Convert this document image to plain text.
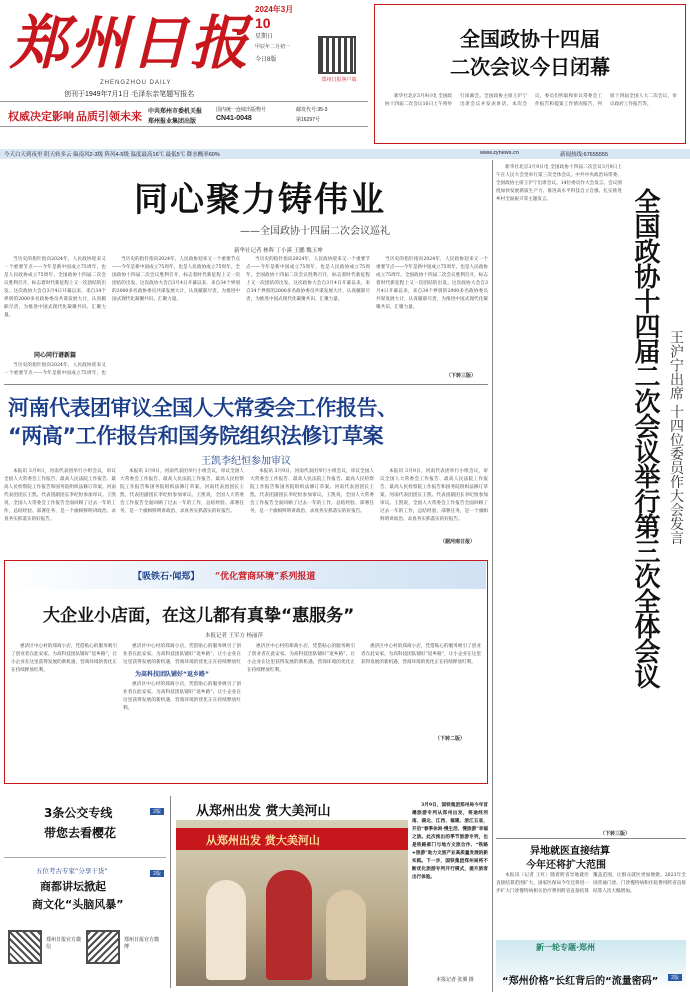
郑州日报
ZHENGZHOU DAILY
创刊于1949年7月1日 毛泽东亲笔题写报名
2024年3月
10
星期日
甲辰年二月初一
今日8版
郑州日报客户端
权威决定影响 品质引领未来 中共郑州市委机关报
郑州报业集团出版
国内统一连续出版物号
CN41-0048
邮发代号:35-3
第16297号
全国政协十四届
二次会议今日闭幕
新华社北京3月9日电 全国政协十四届二次会议10日上午将举行闭幕会。全国政协主席王沪宁出席会议并发表讲话。本次会议，委员们听取和审议常委会工作报告和提案工作情况报告，列席十四届全国人大二次会议，审议政府工作报告等。
今天白天到夜里 阴天转多云 偏南风2-3级 阵风4-5级 温度最高16℃ 最低5℃ 降水概率60%	www.zynews.cn	新闻热线:67655555
同心聚力铸伟业
——全国政协十四届二次会议巡礼
新华社记者 林晖 丁小溪 王鹏 魏玉坤
当历史的指针指向2024年，人民政协迎来又一个重要节点——今年是新中国成立75周年，也是人民政协成立75周年。全国政协十四届二次会议胜利召开，标志着时代新征程上又一次团结的出发。这次政协大会自3月4日开幕以来，来自34个界别的2000多名政协委员共谋发展大计，认真履职尽责，为推进中国式现代化凝聚共识、汇聚力量。
同心同行谱新篇
当历史的指针指向2024年，人民政协迎来又一个重要节点——今年是新中国成立75周年，也
当历史的指针指向2024年，人民政协迎来又一个重要节点——今年是新中国成立75周年，也是人民政协成立75周年。全国政协十四届二次会议胜利召开，标志着时代新征程上又一次团结的出发。这次政协大会自3月4日开幕以来，来自34个界别的2000多名政协委员共谋发展大计，认真履职尽责，为推进中国式现代化凝聚共识、汇聚力量。
当历史的指针指向2024年，人民政协迎来又一个重要节点——今年是新中国成立75周年，也是人民政协成立75周年。全国政协十四届二次会议胜利召开，标志着时代新征程上又一次团结的出发。这次政协大会自3月4日开幕以来，来自34个界别的2000多名政协委员共谋发展大计，认真履职尽责，为推进中国式现代化凝聚共识、汇聚力量。
当历史的指针指向2024年，人民政协迎来又一个重要节点——今年是新中国成立75周年，也是人民政协成立75周年。全国政协十四届二次会议胜利召开，标志着时代新征程上又一次团结的出发。这次政协大会自3月4日开幕以来，来自34个界别的2000多名政协委员共谋发展大计，认真履职尽责，为推进中国式现代化凝聚共识、汇聚力量。
（下转三版）
河南代表团审议全国人大常委会工作报告、
“两高”工作报告和国务院组织法修订草案
王凯李纪恒参加审议
本报讯 3月9日，河南代表团举行小组会议，审议全国人大常委会工作报告、最高人民法院工作报告、最高人民检察院工作报告和国务院组织法修订草案。河南代表团团长王凯、代表团副团长李纪恒参加审议。王凯说，全国人大常委会工作报告全面回顾了过去一年的工作，总结经验、部署任务，是一个旗帜鲜明讲政治、求真务实抓落实的好报告。
本报讯 3月9日，河南代表团举行小组会议，审议全国人大常委会工作报告、最高人民法院工作报告、最高人民检察院工作报告和国务院组织法修订草案。河南代表团团长王凯、代表团副团长李纪恒参加审议。王凯说，全国人大常委会工作报告全面回顾了过去一年的工作，总结经验、部署任务，是一个旗帜鲜明讲政治、求真务实抓落实的好报告。
本报讯 3月9日，河南代表团举行小组会议，审议全国人大常委会工作报告、最高人民法院工作报告、最高人民检察院工作报告和国务院组织法修订草案。河南代表团团长王凯、代表团副团长李纪恒参加审议。王凯说，全国人大常委会工作报告全面回顾了过去一年的工作，总结经验、部署任务，是一个旗帜鲜明讲政治、求真务实抓落实的好报告。
本报讯 3月9日，河南代表团举行小组会议，审议全国人大常委会工作报告、最高人民法院工作报告、最高人民检察院工作报告和国务院组织法修订草案。河南代表团团长王凯、代表团副团长李纪恒参加审议。王凯说，全国人大常委会工作报告全面回顾了过去一年的工作，总结经验、部署任务，是一个旗帜鲜明讲政治、求真务实抓落实的好报告。
（据河南日报）
【吸铁石·闻郑】 “优化营商环境”系列报道
大企业小店面，在这儿都有真挚“惠服务”
本报记者 王军方 杨丽萍
惠济区中心村的郑商小店，凭借贴心的服务吸引了创业者在此安家。为高科技团队铺好“返乡路”，让小企业在这里获得发展的新机遇，营商环境的优化正在持续释放红利。
惠济区中心村的郑商小店，凭借贴心的服务吸引了创业者在此安家。为高科技团队铺好“返乡路”，让小企业在这里获得发展的新机遇，营商环境的优化正在持续释放红
为高科技团队铺好“返乡路”
惠济区中心村的郑商小店，凭借贴心的服务吸引了创业者在此安家。为高科技团队铺好“返乡路”，让小企业在这里获得发展的新机遇，营商环境的优化正在持续释放红利。
惠济区中心村的郑商小店，凭借贴心的服务吸引了创业者在此安家。为高科技团队铺好“返乡路”，让小企业在这里获得发展的新机遇，营商环境的优化正在持续释放红利。
惠济区中心村的郑商小店，凭借贴心的服务吸引了创业者在此安家。为高科技团队铺好“返乡路”，让小企业在这里获得发展的新机遇，营商环境的优化正在持续释放红利。
（下转二版）
3条公交专线
带您去看樱花
2版
五位考古专家“分享干货”
商都讲坛掀起
商文化“头脑风暴”
2版
郑州日报官方微信
郑州日报官方微博
从郑州出发 赏大美河山
从郑州出发 赏大美河山
3月9日，国铁集团郑州局今年首趟旅游专列从郑州出发，将途经河南、湖北、江西、福建、浙江五省，开启“春季休闲·慢生活、慢旅游”幸福之旅。此次推出的季节旅游专列，也是铁路部门与地方文旅合作、“铁路+旅游”助力文旅产业高质量发展的新实践。下一步，国铁集团郑州局将不断优化旅游专列开行模式，提升旅客出行体验。
本报记者 张翼 摄
新华社北京3月9日电 全国政协十四届二次会议3月9日上午在人民大会堂举行第三次全体会议。中共中央政治局常委、全国政协主席王沪宁出席会议。14位委员作大会发言。会议围绕加快发展新质生产力、推进高水平科技自立自强、扎实推进乡村全面振兴等主题发言。	全国政协十四届二次会议举行第三次全体会议 王沪宁出席 十四位委员作大会发言
（下转三版）
异地就医直接结算
今年还将扩大范围
本报讯（记者 王红）随着跨省异地就医直接结算范围扩大，国家医保局今年还将进一步扩大门诊慢特病相关治疗费用跨省直接结算覆盖范围，让群众就医更加便捷。2023年全国普通门诊、门诊慢特病和住院费用跨省直接结算人次大幅增加。
新一轮专题·郑州
“郑州价格”长红背后的“流量密码”	2版
